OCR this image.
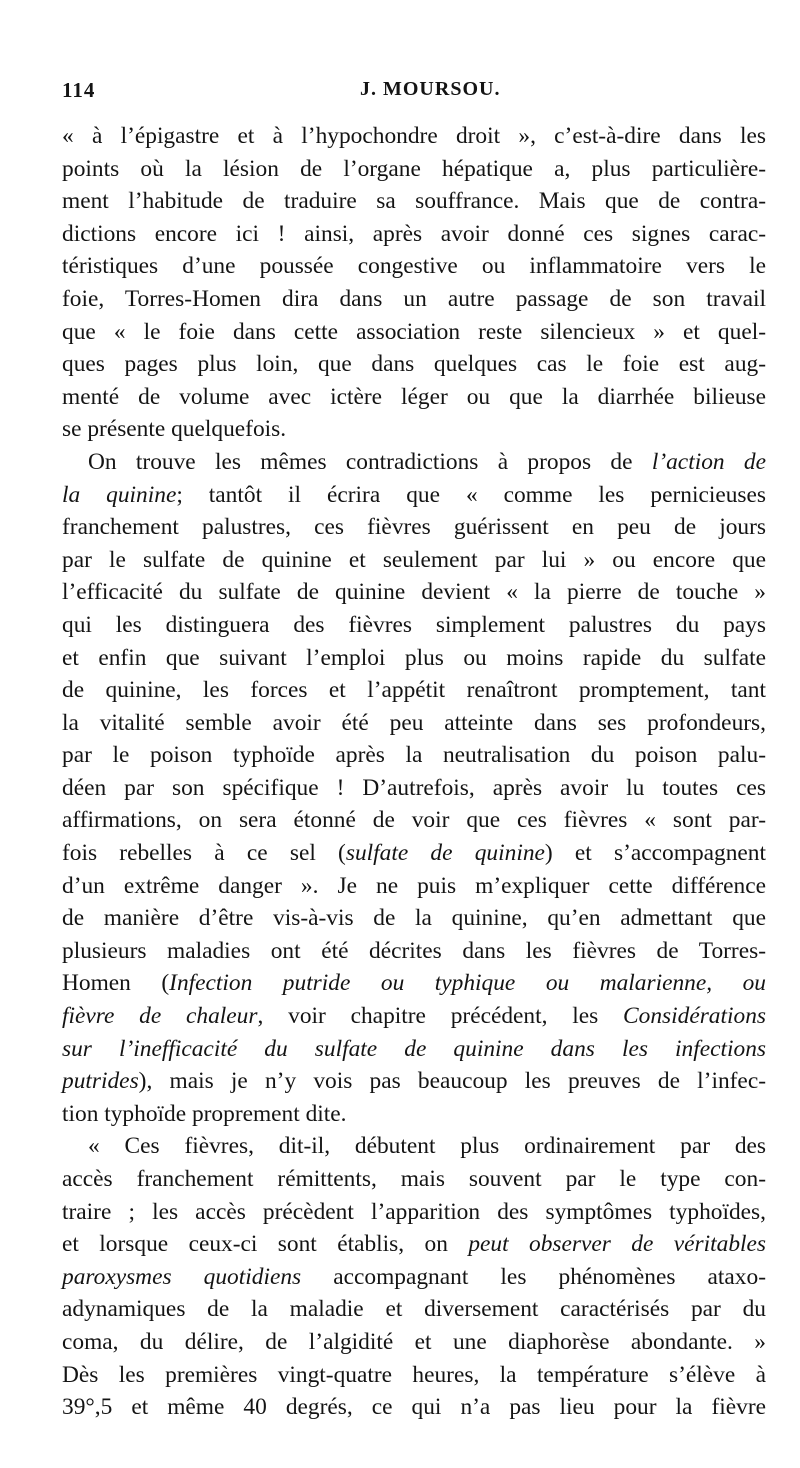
114	J. MOURSOU.
« à l’épigastre et à l’hypochondre droit », c’est-à-dire dans les
points où la lésion de l’organe hépatique a, plus particulière-
ment l’habitude de traduire sa souffrance. Mais que de contra-
dictions encore ici ! ainsi, après avoir donné ces signes carac-
téristiques d’une poussée congestive ou inflammatoire vers le
foie, Torres-Homen dira dans un autre passage de son travail
que « le foie dans cette association reste silencieux » et quel-
ques pages plus loin, que dans quelques cas le foie est aug-
menté de volume avec ictère léger ou que la diarrhée bilieuse
se présente quelquefois.
On trouve les mêmes contradictions à propos de l’action de
la quinine; tantôt il écrira que « comme les pernicieuses
franchement palustres, ces fièvres guérissent en peu de jours
par le sulfate de quinine et seulement par lui » ou encore que
l’efficacité du sulfate de quinine devient « la pierre de touche »
qui les distinguera des fièvres simplement palustres du pays
et enfin que suivant l’emploi plus ou moins rapide du sulfate
de quinine, les forces et l’appétit renaîtront promptement, tant
la vitalité semble avoir été peu atteinte dans ses profondeurs,
par le poison typhoïde après la neutralisation du poison palu-
déen par son spécifique ! D’autrefois, après avoir lu toutes ces
affirmations, on sera étonné de voir que ces fièvres « sont par-
fois rebelles à ce sel (sulfate de quinine) et s’accompagnent
d’un extrême danger ». Je ne puis m’expliquer cette différence
de manière d’être vis-à-vis de la quinine, qu’en admettant que
plusieurs maladies ont été décrites dans les fièvres de Torres-
Homen (Infection putride ou typhique ou malarienne, ou
fièvre de chaleur, voir chapitre précédent, les Considérations
sur l’inefficacité du sulfate de quinine dans les infections
putrides), mais je n’y vois pas beaucoup les preuves de l’infec-
tion typhoïde proprement dite.
« Ces fièvres, dit-il, débutent plus ordinairement par des
accès franchement rémittents, mais souvent par le type con-
traire ; les accès précèdent l’apparition des symptômes typhoïdes,
et lorsque ceux-ci sont établis, on peut observer de véritables
paroxysmes quotidiens accompagnant les phénomènes ataxo-
adynamiques de la maladie et diversement caractérisés par du
coma, du délire, de l’algidité et une diaphorèse abondante. »
Dès les premières vingt-quatre heures, la température s’élève à
39°,5 et même 40 degrés, ce qui n’a pas lieu pour la fièvre
